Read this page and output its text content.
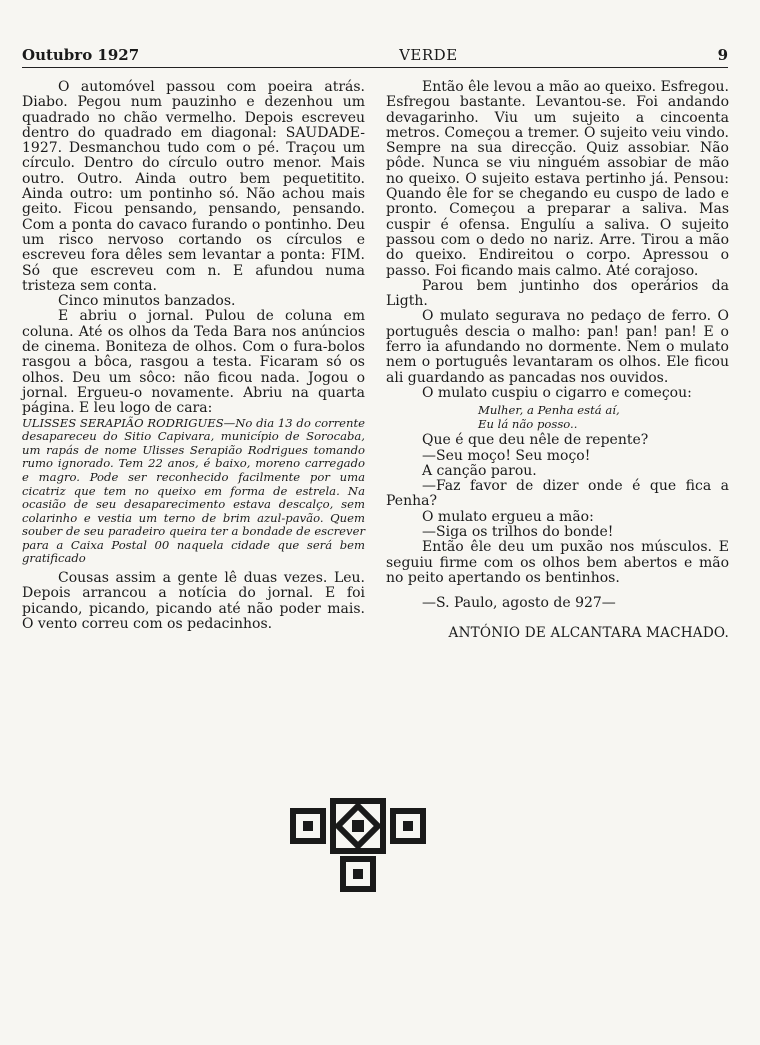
Outubro 1927	VERDE	9

O automóvel passou com poeira atrás. Diabo. Pegou num pauzinho e dezenhou um quadrado no chão vermelho. Depois escreveu dentro do quadrado em diagonal: SAUDADE-1927. Desmanchou tudo com o pé. Traçou um círculo. Dentro do círculo outro menor. Mais outro. Outro. Ainda outro bem pequetitito. Ainda outro: um pontinho só. Não achou mais geito. Ficou pensando, pensando, pensando. Com a ponta do cavaco furando o pontinho. Deu um risco nervoso cortando os círculos e escreveu fora dêles sem levantar a ponta: FIM. Só que escreveu com n. E afundou numa tristeza sem conta.

Cinco minutos banzados.

E abriu o jornal. Pulou de coluna em coluna. Até os olhos da Teda Bara nos anúncios de cinema. Boniteza de olhos. Com o fura-bolos rasgou a bôca, rasgou a testa. Ficaram só os olhos. Deu um sôco: não ficou nada. Jogou o jornal. Ergueu-o novamente. Abriu na quarta página. E leu logo de cara:

ULISSES SERAPIÃO RODRIGUES—No dia 13 do corrente desapareceu do Sitio Capivara, município de Sorocaba, um rapás de nome Ulisses Serapião Rodrigues tomando rumo ignorado. Tem 22 anos, é baixo, moreno carregado e magro. Pode ser reconhecido facilmente por uma cicatriz que tem no queixo em forma de estrela. Na ocasião de seu desaparecimento estava descalço, sem colarinho e vestia um terno de brim azul-pavão. Quem souber de seu paradeiro queira ter a bondade de escrever para a Caixa Postal 00 naquela cidade que será bem gratificado

Cousas assim a gente lê duas vezes. Leu. Depois arrancou a notícia do jornal. E foi picando, picando, picando até não poder mais. O vento correu com os pedacinhos.

Então êle levou a mão ao queixo. Esfregou. Esfregou bastante. Levantou-se. Foi andando devagarinho. Viu um sujeito a cincoenta metros. Começou a tremer. O sujeito veiu vindo. Sempre na sua direcção. Quiz assobiar. Não pôde. Nunca se viu ninguém assobiar de mão no queixo. O sujeito estava pertinho já. Pensou: Quando êle for se chegando eu cuspo de lado e pronto. Começou a preparar a saliva. Mas cuspir é ofensa. Engulíu a saliva. O sujeito passou com o dedo no nariz. Arre. Tirou a mão do queixo. Endireitou o corpo. Apressou o passo. Foi ficando mais calmo. Até corajoso.

Parou bem juntinho dos operários da Ligth.

O mulato segurava no pedaço de ferro. O português descia o malho: pan! pan! pan! E o ferro ia afundando no dormente. Nem o mulato nem o português levantaram os olhos. Ele ficou ali guardando as pancadas nos ouvidos.

O mulato cuspiu o cigarro e começou:

Mulher, a Penha está aí,
Eu lá não posso..

Que é que deu nêle de repente?

—Seu moço! Seu moço!

A canção parou.

—Faz favor de dizer onde é que fica a Penha?

O mulato ergueu a mão:

—Siga os trilhos do bonde!

Então êle deu um puxão nos músculos. E seguiu firme com os olhos bem abertos e mão no peito apertando os bentinhos.

—S. Paulo, agosto de 927—

ANTÓNIO DE ALCANTARA MACHADO.
